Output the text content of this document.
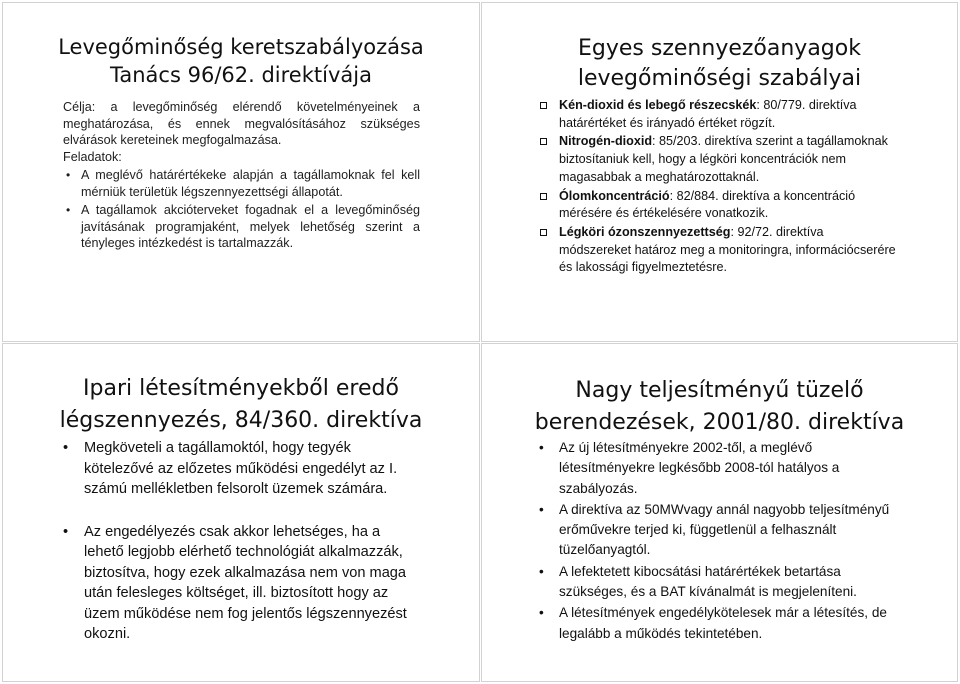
Levegőminőség keretszabályozása
Tanács 96/62. direktívája

Célja: a levegőminőség elérendő követelményeinek a meghatározása, és ennek megvalósításához szükséges elvárások kereteinek megfogalmazása.

Feladatok:

• A meglévő határértékeke alapján a tagállamoknak fel kell mérniük területük légszennyezettségi állapotát.
• A tagállamok akcióterveket fogadnak el a levegőminőség javításának programjaként, melyek lehetőség szerint a tényleges intézkedést is tartalmazzák.
Egyes szennyezőanyagok
levegőminőségi szabályai
Kén-dioxid és lebegő részecskék: 80/779. direktíva határértéket és irányadó értéket rögzít.
Nitrogén-dioxid: 85/203. direktíva szerint a tagállamoknak biztosítaniuk kell, hogy a légköri koncentrációk nem magasabbak a meghatározottaknál.
Ólomkoncentráció: 82/884. direktíva a koncentráció mérésére és értékelésére vonatkozik.
Légköri ózonszennyezettség: 92/72. direktíva módszereket határoz meg a monitoringra, információcserére és lakossági figyelmeztetésre.
Ipari létesítményekből eredő
légszennyezés, 84/360. direktíva
• Megköveteli a tagállamoktól, hogy tegyék kötelezővé az előzetes működési engedélyt az I. számú mellékletben felsorolt üzemek számára.
• Az engedélyezés csak akkor lehetséges, ha a lehető legjobb elérhető technológiát alkalmazzák, biztosítva, hogy ezek alkalmazása nem von maga után felesleges költséget, ill. biztosított hogy az üzem működése nem fog jelentős légszennyezést okozni.
Nagy teljesítményű tüzelő
berendezések, 2001/80. direktíva
• Az új létesítményekre 2002-től, a meglévő létesítményekre legkésőbb 2008-tól hatályos a szabályozás.
• A direktíva az 50MWvagy annál nagyobb teljesítményű erőművekre terjed ki, függetlenül a felhasznált tüzelőanyagtól.
• A lefektetett kibocsátási határértékek betartása szükséges, és a BAT kívánalmát is megjeleníteni.
• A létesítmények engedélykötelesek már a létesítés, de legalább a működés tekintetében.
